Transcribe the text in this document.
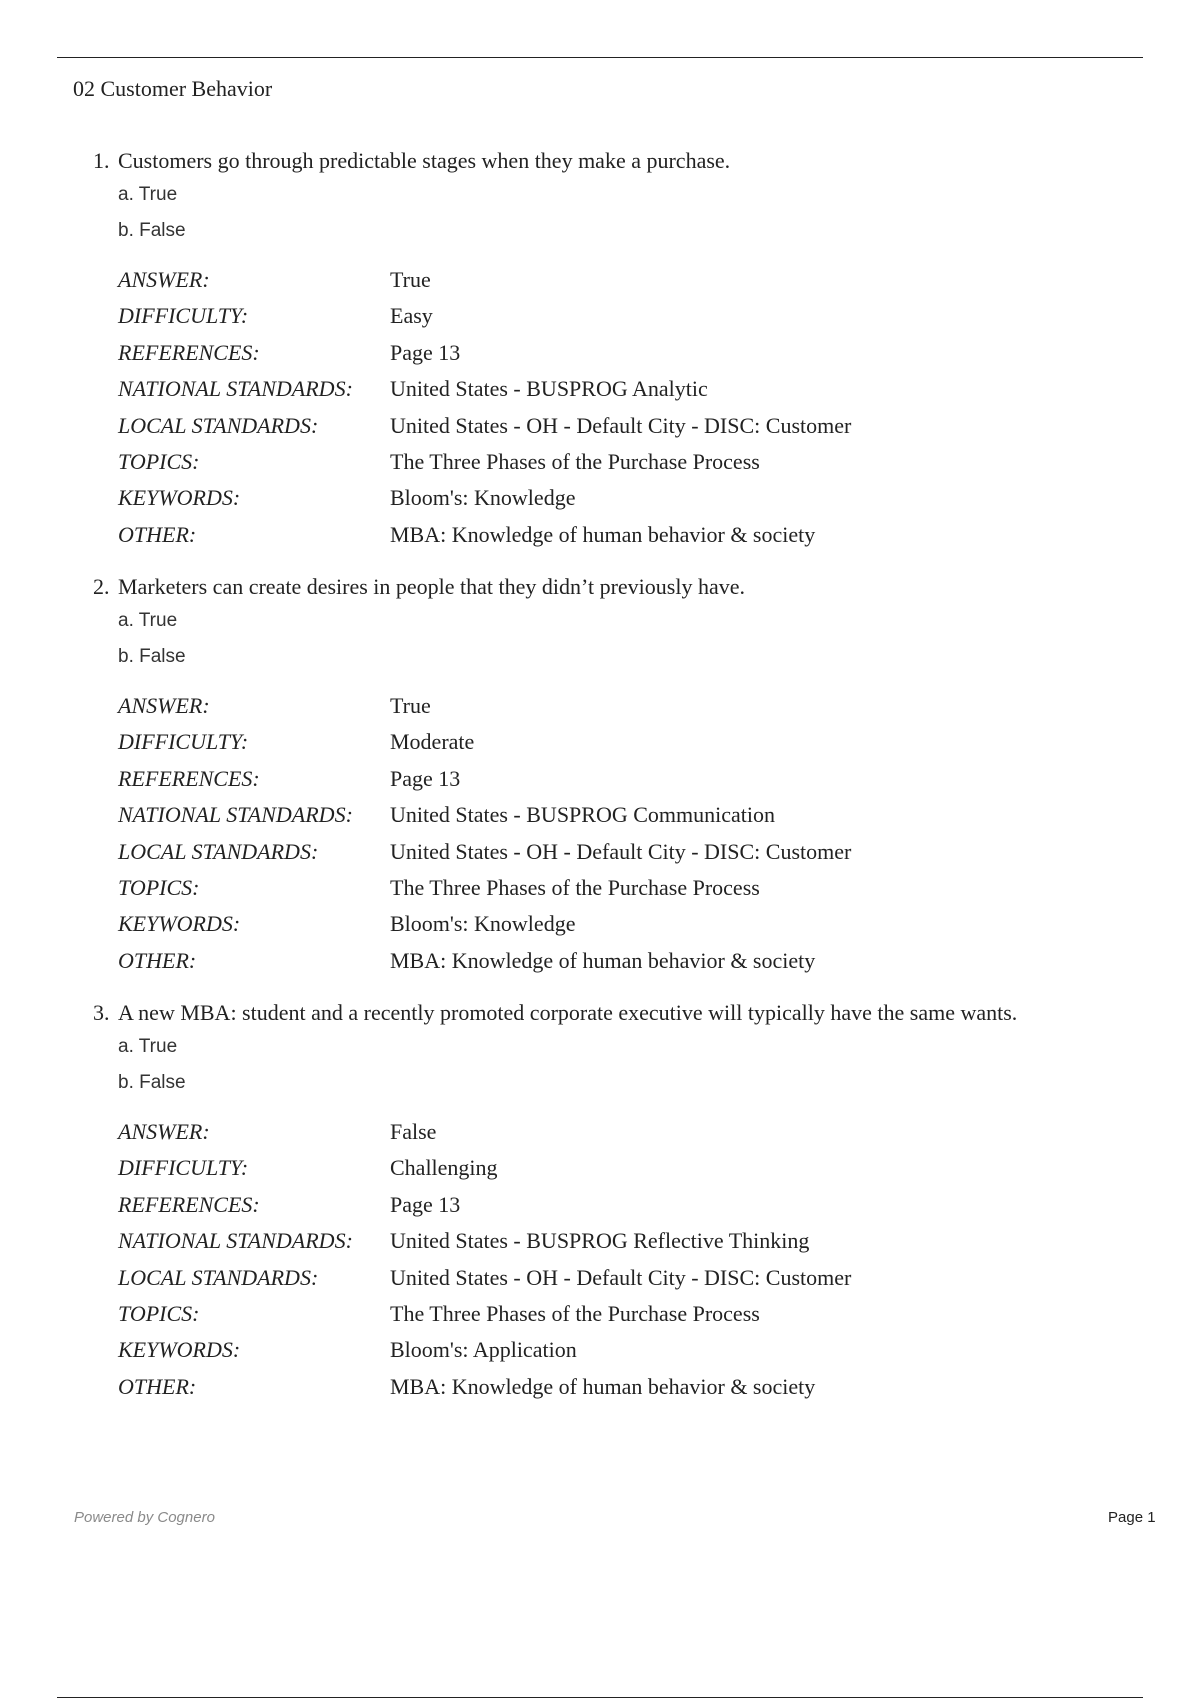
02 Customer Behavior
1. Customers go through predictable stages when they make a purchase.
a. True
b. False
ANSWER:	True
DIFFICULTY:	Easy
REFERENCES:	Page 13
NATIONAL STANDARDS: United States - BUSPROG Analytic
LOCAL STANDARDS:	United States - OH - Default City - DISC: Customer
TOPICS:	The Three Phases of the Purchase Process
KEYWORDS:	Bloom's: Knowledge
OTHER:	MBA: Knowledge of human behavior & society
2. Marketers can create desires in people that they didn’t previously have.
a. True
b. False
ANSWER:	True
DIFFICULTY:	Moderate
REFERENCES:	Page 13
NATIONAL STANDARDS: United States - BUSPROG Communication
LOCAL STANDARDS:	United States - OH - Default City - DISC: Customer
TOPICS:	The Three Phases of the Purchase Process
KEYWORDS:	Bloom's: Knowledge
OTHER:	MBA: Knowledge of human behavior & society
3. A new MBA: student and a recently promoted corporate executive will typically have the same wants.
a. True
b. False
ANSWER:	False
DIFFICULTY:	Challenging
REFERENCES:	Page 13
NATIONAL STANDARDS: United States - BUSPROG Reflective Thinking
LOCAL STANDARDS:	United States - OH - Default City - DISC: Customer
TOPICS:	The Three Phases of the Purchase Process
KEYWORDS:	Bloom's: Application
OTHER:	MBA: Knowledge of human behavior & society
Powered by Cognero	Page 1
